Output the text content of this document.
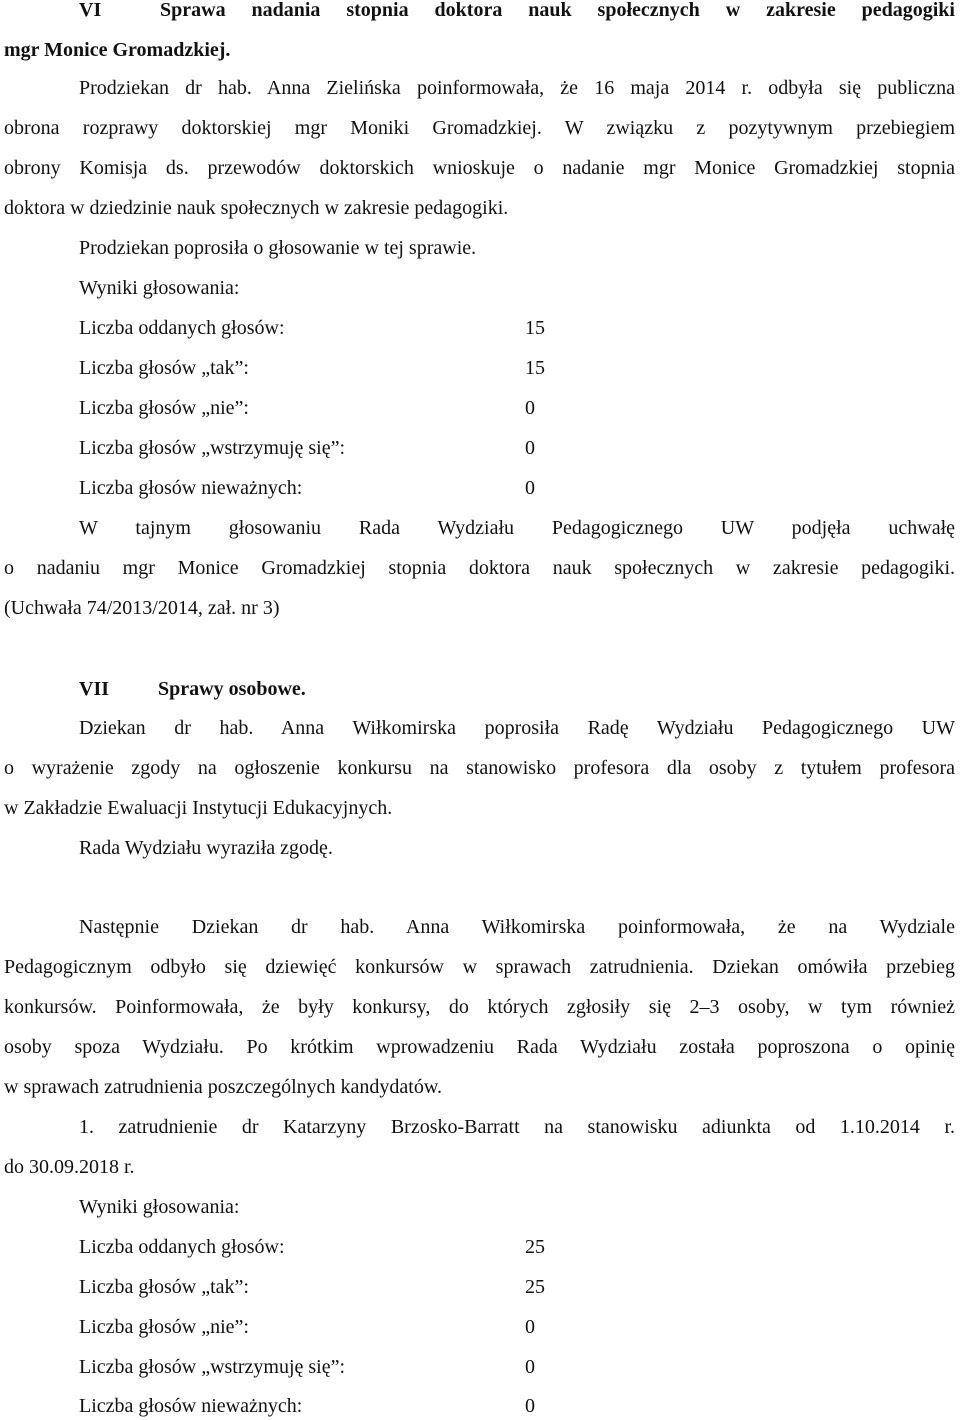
VI	Sprawa nadania stopnia doktora nauk społecznych w zakresie pedagogiki
mgr Monice Gromadzkiej.
Prodziekan dr hab. Anna Zielińska poinformowała, że 16 maja 2014 r. odbyła się publiczna
obrona rozprawy doktorskiej mgr Moniki Gromadzkiej. W związku z pozytywnym przebiegiem
obrony Komisja ds. przewodów doktorskich wnioskuje o nadanie mgr Monice Gromadzkiej stopnia
doktora w dziedzinie nauk społecznych w zakresie pedagogiki.
Prodziekan poprosiła o głosowanie w tej sprawie.
Wyniki głosowania:
Liczba oddanych głosów:	15
Liczba głosów „tak”:	15
Liczba głosów „nie”:	0
Liczba głosów „wstrzymuję się”:	0
Liczba głosów nieważnych:	0
W tajnym głosowaniu Rada Wydziału Pedagogicznego UW podjęła uchwałę
o nadaniu mgr Monice Gromadzkiej stopnia doktora nauk społecznych w zakresie pedagogiki.
(Uchwała 74/2013/2014, zał. nr 3)
VII Sprawy osobowe.
Dziekan dr hab. Anna Wiłkomirska poprosiła Radę Wydziału Pedagogicznego UW
o wyrażenie zgody na ogłoszenie konkursu na stanowisko profesora dla osoby z tytułem profesora
w Zakładzie Ewaluacji Instytucji Edukacyjnych.
Rada Wydziału wyraziła zgodę.
Następnie Dziekan dr hab. Anna Wiłkomirska poinformowała, że na Wydziale
Pedagogicznym odbyło się dziewięć konkursów w sprawach zatrudnienia. Dziekan omówiła przebieg
konkursów. Poinformowała, że były konkursy, do których zgłosiły się 2–3 osoby, w tym również
osoby spoza Wydziału. Po krótkim wprowadzeniu Rada Wydziału została poproszona o opinię
w sprawach zatrudnienia poszczególnych kandydatów.
1. zatrudnienie dr Katarzyny Brzosko-Barratt na stanowisku adiunkta od 1.10.2014 r.
do 30.09.2018 r.
Wyniki głosowania:
Liczba oddanych głosów:	25
Liczba głosów „tak”:	25
Liczba głosów „nie”:	0
Liczba głosów „wstrzymuję się”:	0
Liczba głosów nieważnych:	0
